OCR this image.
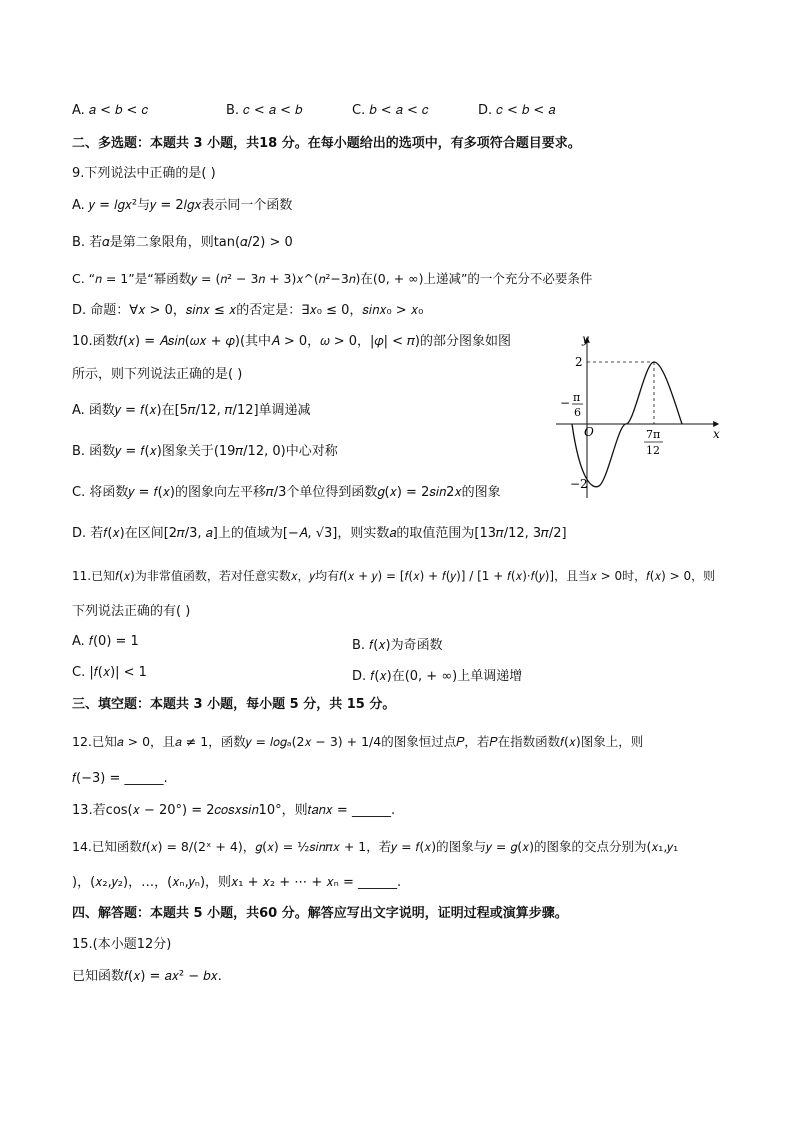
A. 𝑎 < 𝑏 < 𝑐	B. 𝑐 < 𝑎 < 𝑏	C. 𝑏 < 𝑎 < 𝑐	D. 𝑐 < 𝑏 < 𝑎
二、多选题：本题共 3 小题，共18 分。在每小题给出的选项中，有多项符合题目要求。
9.下列说法中正确的是( )
A. 𝑦 = 𝑙𝑔𝑥²与𝑦 = 2𝑙𝑔𝑥表示同一个函数
B. 若𝛼是第二象限角，则tan(𝛼/2) > 0
C. “𝑛 = 1”是“幂函数𝑦 = (𝑛² − 3𝑛 + 3)𝑥^(𝑛²−3𝑛)在(0, + ∞)上递减”的一个充分不必要条件
D. 命题：∀𝑥 > 0，𝑠𝑖𝑛𝑥 ≤ 𝑥的否定是：∃𝑥₀ ≤ 0，𝑠𝑖𝑛𝑥₀ > 𝑥₀
10.函数𝑓(𝑥) = 𝐴𝑠𝑖𝑛(𝜔𝑥 + 𝜑)(其中𝐴 > 0，𝜔 > 0，|𝜑| < 𝜋)的部分图象如图
所示，则下列说法正确的是( )
A. 函数𝑦 = 𝑓(𝑥)在[5𝜋/12, 𝜋/12]单调递减
B. 函数𝑦 = 𝑓(𝑥)图象关于(19𝜋/12, 0)中心对称
C. 将函数𝑦 = 𝑓(𝑥)的图象向左平移𝜋/3个单位得到函数𝑔(𝑥) = 2𝑠𝑖𝑛2𝑥的图象
D. 若𝑓(𝑥)在区间[2𝜋/3, 𝑎]上的值域为[−𝐴, √3]，则实数𝑎的取值范围为[13𝜋/12, 3𝜋/2]
y
x
O
2
−2
− π
6
7π
12
11.已知𝑓(𝑥)为非常值函数，若对任意实数𝑥，𝑦均有𝑓(𝑥 + 𝑦) = [𝑓(𝑥) + 𝑓(𝑦)] / [1 + 𝑓(𝑥)·𝑓(𝑦)]，且当𝑥 > 0时，𝑓(𝑥) > 0，则
下列说法正确的有( )
A. 𝑓(0) = 1	B. 𝑓(𝑥)为奇函数
C. |𝑓(𝑥)| < 1	D. 𝑓(𝑥)在(0, + ∞)上单调递增
三、填空题：本题共 3 小题，每小题 5 分，共 15 分。
12.已知𝑎 > 0，且𝑎 ≠ 1，函数𝑦 = 𝑙𝑜𝑔ₐ(2𝑥 − 3) + 1/4的图象恒过点𝑃，若𝑃在指数函数𝑓(𝑥)图象上，则
𝑓(−3) = ______.
13.若cos(𝑥 − 20°) = 2𝑐𝑜𝑠𝑥𝑠𝑖𝑛10°，则𝑡𝑎𝑛𝑥 = ______.
14.已知函数𝑓(𝑥) = 8/(2ˣ + 4)，𝑔(𝑥) = ½𝑠𝑖𝑛𝜋𝑥 + 1，若𝑦 = 𝑓(𝑥)的图象与𝑦 = 𝑔(𝑥)的图象的交点分别为(𝑥₁,𝑦₁
)，(𝑥₂,𝑦₂)，…，(𝑥ₙ,𝑦ₙ)，则𝑥₁ + 𝑥₂ + ⋯ + 𝑥ₙ = ______.
四、解答题：本题共 5 小题，共60 分。解答应写出文字说明，证明过程或演算步骤。
15.(本小题12分)
已知函数𝑓(𝑥) = 𝑎𝑥² − 𝑏𝑥.
